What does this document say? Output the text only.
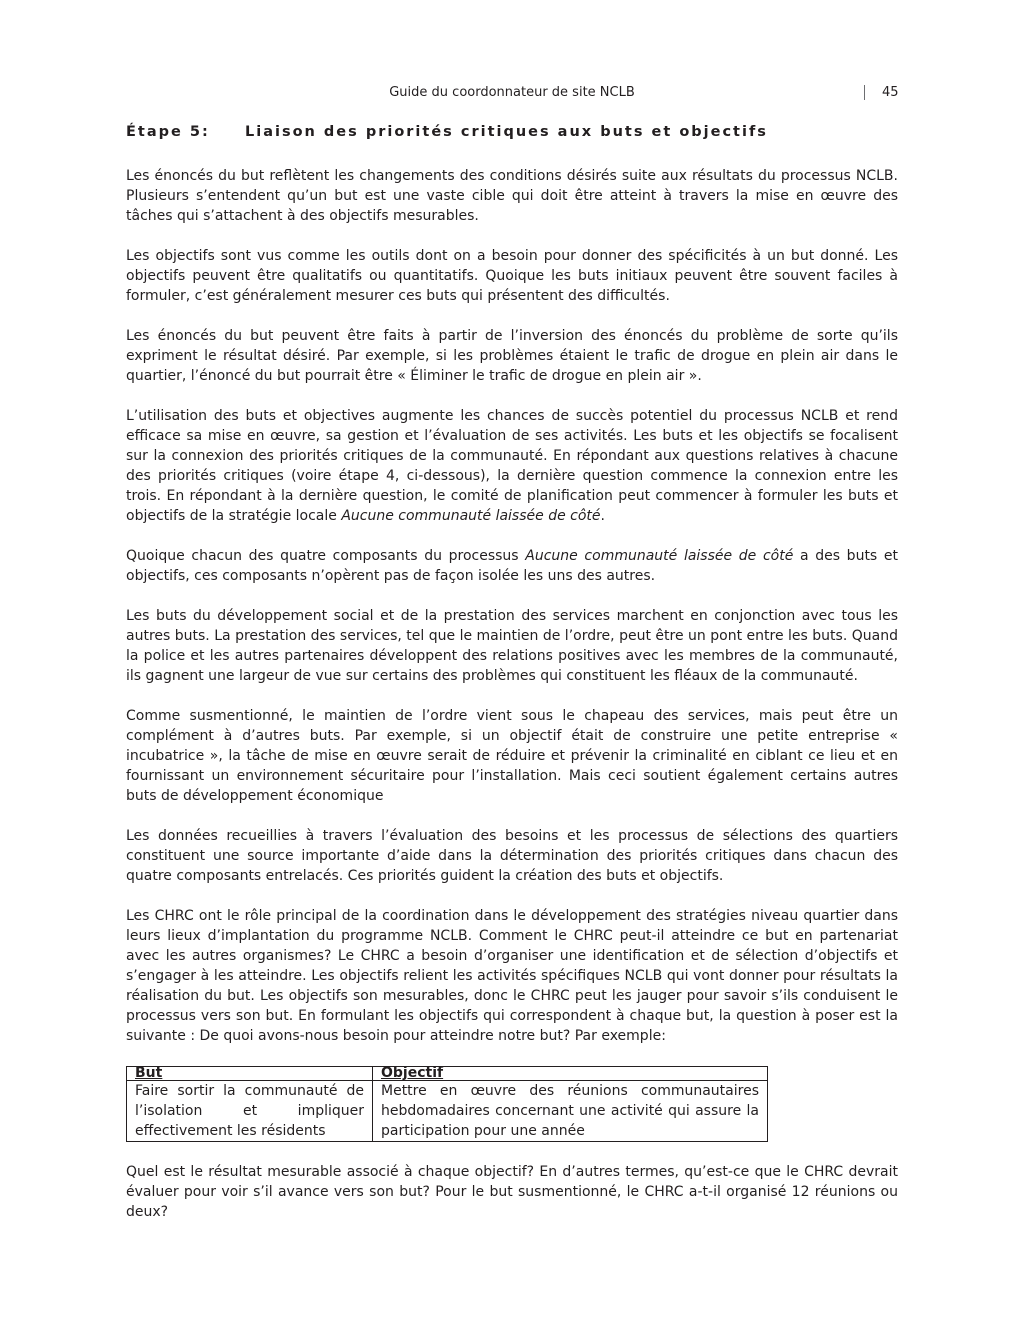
Guide du coordonnateur de site NCLB	45
Étape 5: Liaison des priorités critiques aux buts et objectifs

Les énoncés du but reflètent les changements des conditions désirés suite aux résultats du processus NCLB. Plusieurs s’entendent qu’un but est une vaste cible qui doit être atteint à travers la mise en œuvre des tâches qui s’attachent à des objectifs mesurables.

Les objectifs sont vus comme les outils dont on a besoin pour donner des spécificités à un but donné. Les objectifs peuvent être qualitatifs ou quantitatifs. Quoique les buts initiaux peuvent être souvent faciles à formuler, c’est généralement mesurer ces buts qui présentent des difficultés.

Les énoncés du but peuvent être faits à partir de l’inversion des énoncés du problème de sorte qu’ils expriment le résultat désiré. Par exemple, si les problèmes étaient le trafic de drogue en plein air dans le quartier, l’énoncé du but pourrait être « Éliminer le trafic de drogue en plein air ».

L’utilisation des buts et objectives augmente les chances de succès potentiel du processus NCLB et rend efficace sa mise en œuvre, sa gestion et l’évaluation de ses activités. Les buts et les objectifs se focalisent sur la connexion des priorités critiques de la communauté. En répondant aux questions relatives à chacune des priorités critiques (voire étape 4, ci-dessous), la dernière question commence la connexion entre les trois. En répondant à la dernière question, le comité de planification peut commencer à formuler les buts et objectifs de la stratégie locale Aucune communauté laissée de côté.

Quoique chacun des quatre composants du processus Aucune communauté laissée de côté a des buts et objectifs, ces composants n’opèrent pas de façon isolée les uns des autres.

Les buts du développement social et de la prestation des services marchent en conjonction avec tous les autres buts. La prestation des services, tel que le maintien de l’ordre, peut être un pont entre les buts. Quand la police et les autres partenaires développent des relations positives avec les membres de la communauté, ils gagnent une largeur de vue sur certains des problèmes qui constituent les fléaux de la communauté.

Comme susmentionné, le maintien de l’ordre vient sous le chapeau des services, mais peut être un complément à d’autres buts. Par exemple, si un objectif était de construire une petite entreprise « incubatrice », la tâche de mise en œuvre serait de réduire et prévenir la criminalité en ciblant ce lieu et en fournissant un environnement sécuritaire pour l’installation. Mais ceci soutient également certains autres buts de développement économique

Les données recueillies à travers l’évaluation des besoins et les processus de sélections des quartiers constituent une source importante d’aide dans la détermination des priorités critiques dans chacun des quatre composants entrelacés. Ces priorités guident la création des buts et objectifs.

Les CHRC ont le rôle principal de la coordination dans le développement des stratégies niveau quartier dans leurs lieux d’implantation du programme NCLB. Comment le CHRC peut-il atteindre ce but en partenariat avec les autres organismes? Le CHRC a besoin d’organiser une identification et de sélection d’objectifs et s’engager à les atteindre. Les objectifs relient les activités spécifiques NCLB qui vont donner pour résultats la réalisation du but. Les objectifs son mesurables, donc le CHRC peut les jauger pour savoir s’ils conduisent le processus vers son but. En formulant les objectifs qui correspondent à chaque but, la question à poser est la suivante : De quoi avons-nous besoin pour atteindre notre but? Par exemple:

But	Objectif
Faire sortir la communauté de l’isolation et impliquer effectivement les résidents	Mettre en œuvre des réunions communautaires hebdomadaires concernant une activité qui assure la participation pour une année

Quel est le résultat mesurable associé à chaque objectif? En d’autres termes, qu’est-ce que le CHRC devrait évaluer pour voir s’il avance vers son but? Pour le but susmentionné, le CHRC a-t-il organisé 12 réunions ou deux?
